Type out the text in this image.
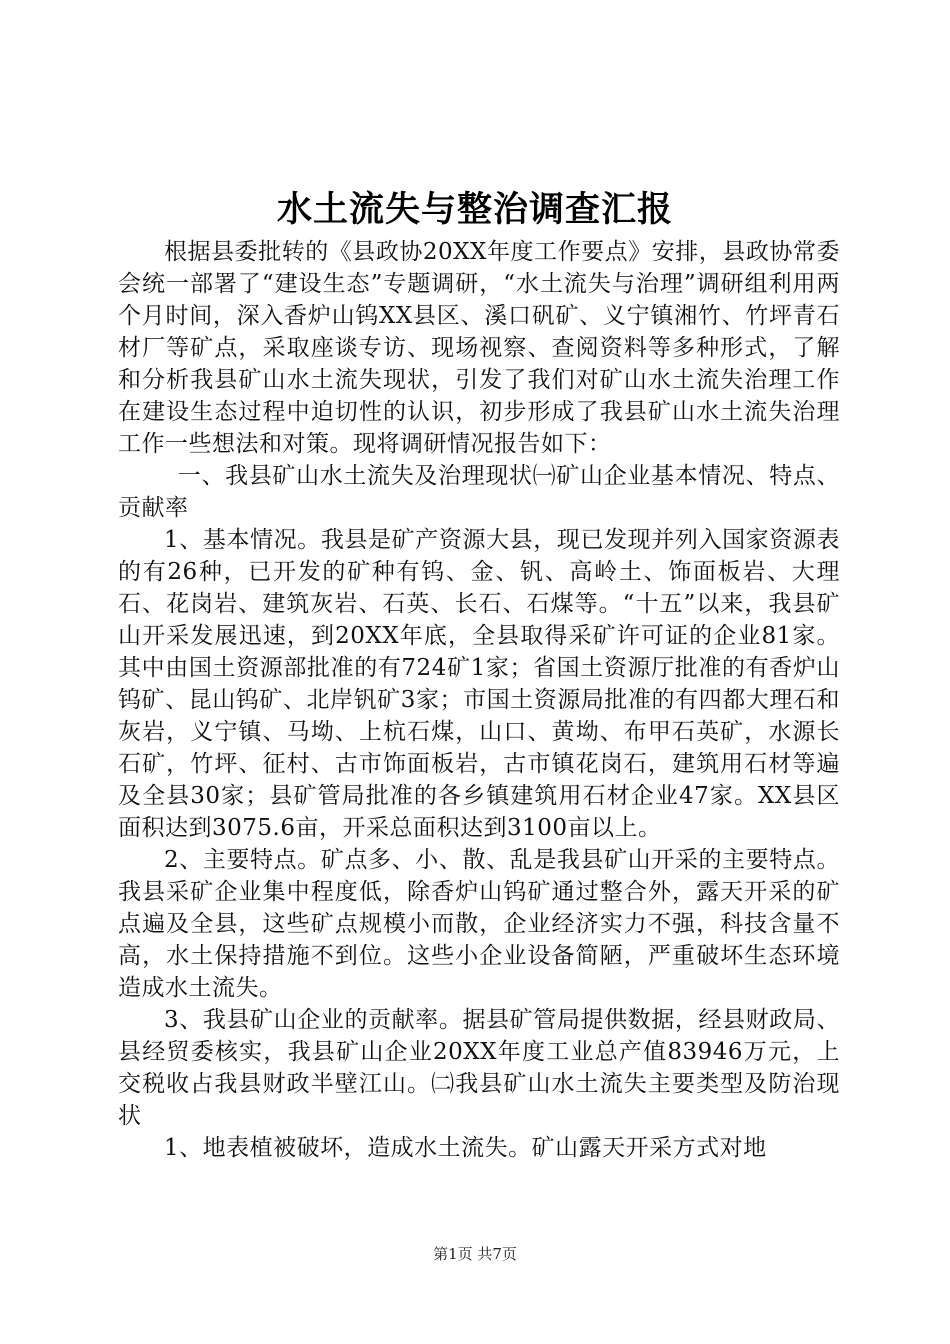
水土流失与整治调查汇报

根据县委批转的《县政协20XX年度工作要点》安排，县政协常委会统一部署了“建设生态”专题调研，“水土流失与治理”调研组利用两个月时间，深入香炉山钨XX县区、溪口矾矿、义宁镇湘竹、竹坪青石材厂等矿点，采取座谈专访、现场视察、查阅资料等多种形式，了解和分析我县矿山水土流失现状，引发了我们对矿山水土流失治理工作在建设生态过程中迫切性的认识，初步形成了我县矿山水土流失治理工作一些想法和对策。现将调研情况报告如下：

一、我县矿山水土流失及治理现状㈠矿山企业基本情况、特点、贡献率

1、基本情况。我县是矿产资源大县，现已发现并列入国家资源表的有26种，已开发的矿种有钨、金、钒、高岭土、饰面板岩、大理石、花岗岩、建筑灰岩、石英、长石、石煤等。“十五”以来，我县矿山开采发展迅速，到20XX年底，全县取得采矿许可证的企业81家。其中由国土资源部批准的有724矿1家；省国土资源厅批准的有香炉山钨矿、昆山钨矿、北岸钒矿3家；市国土资源局批准的有四都大理石和灰岩，义宁镇、马坳、上杭石煤，山口、黄坳、布甲石英矿，水源长石矿，竹坪、征村、古市饰面板岩，古市镇花岗石，建筑用石材等遍及全县30家；县矿管局批准的各乡镇建筑用石材企业47家。XX县区面积达到3075.6亩，开采总面积达到3100亩以上。

2、主要特点。矿点多、小、散、乱是我县矿山开采的主要特点。我县采矿企业集中程度低，除香炉山钨矿通过整合外，露天开采的矿点遍及全县，这些矿点规模小而散，企业经济实力不强，科技含量不高，水土保持措施不到位。这些小企业设备简陋，严重破坏生态环境造成水土流失。

3、我县矿山企业的贡献率。据县矿管局提供数据，经县财政局、县经贸委核实，我县矿山企业20XX年度工业总产值83946万元，上交税收占我县财政半壁江山。㈡我县矿山水土流失主要类型及防治现状

1、地表植被破坏，造成水土流失。矿山露天开采方式对地

第1页 共7页
